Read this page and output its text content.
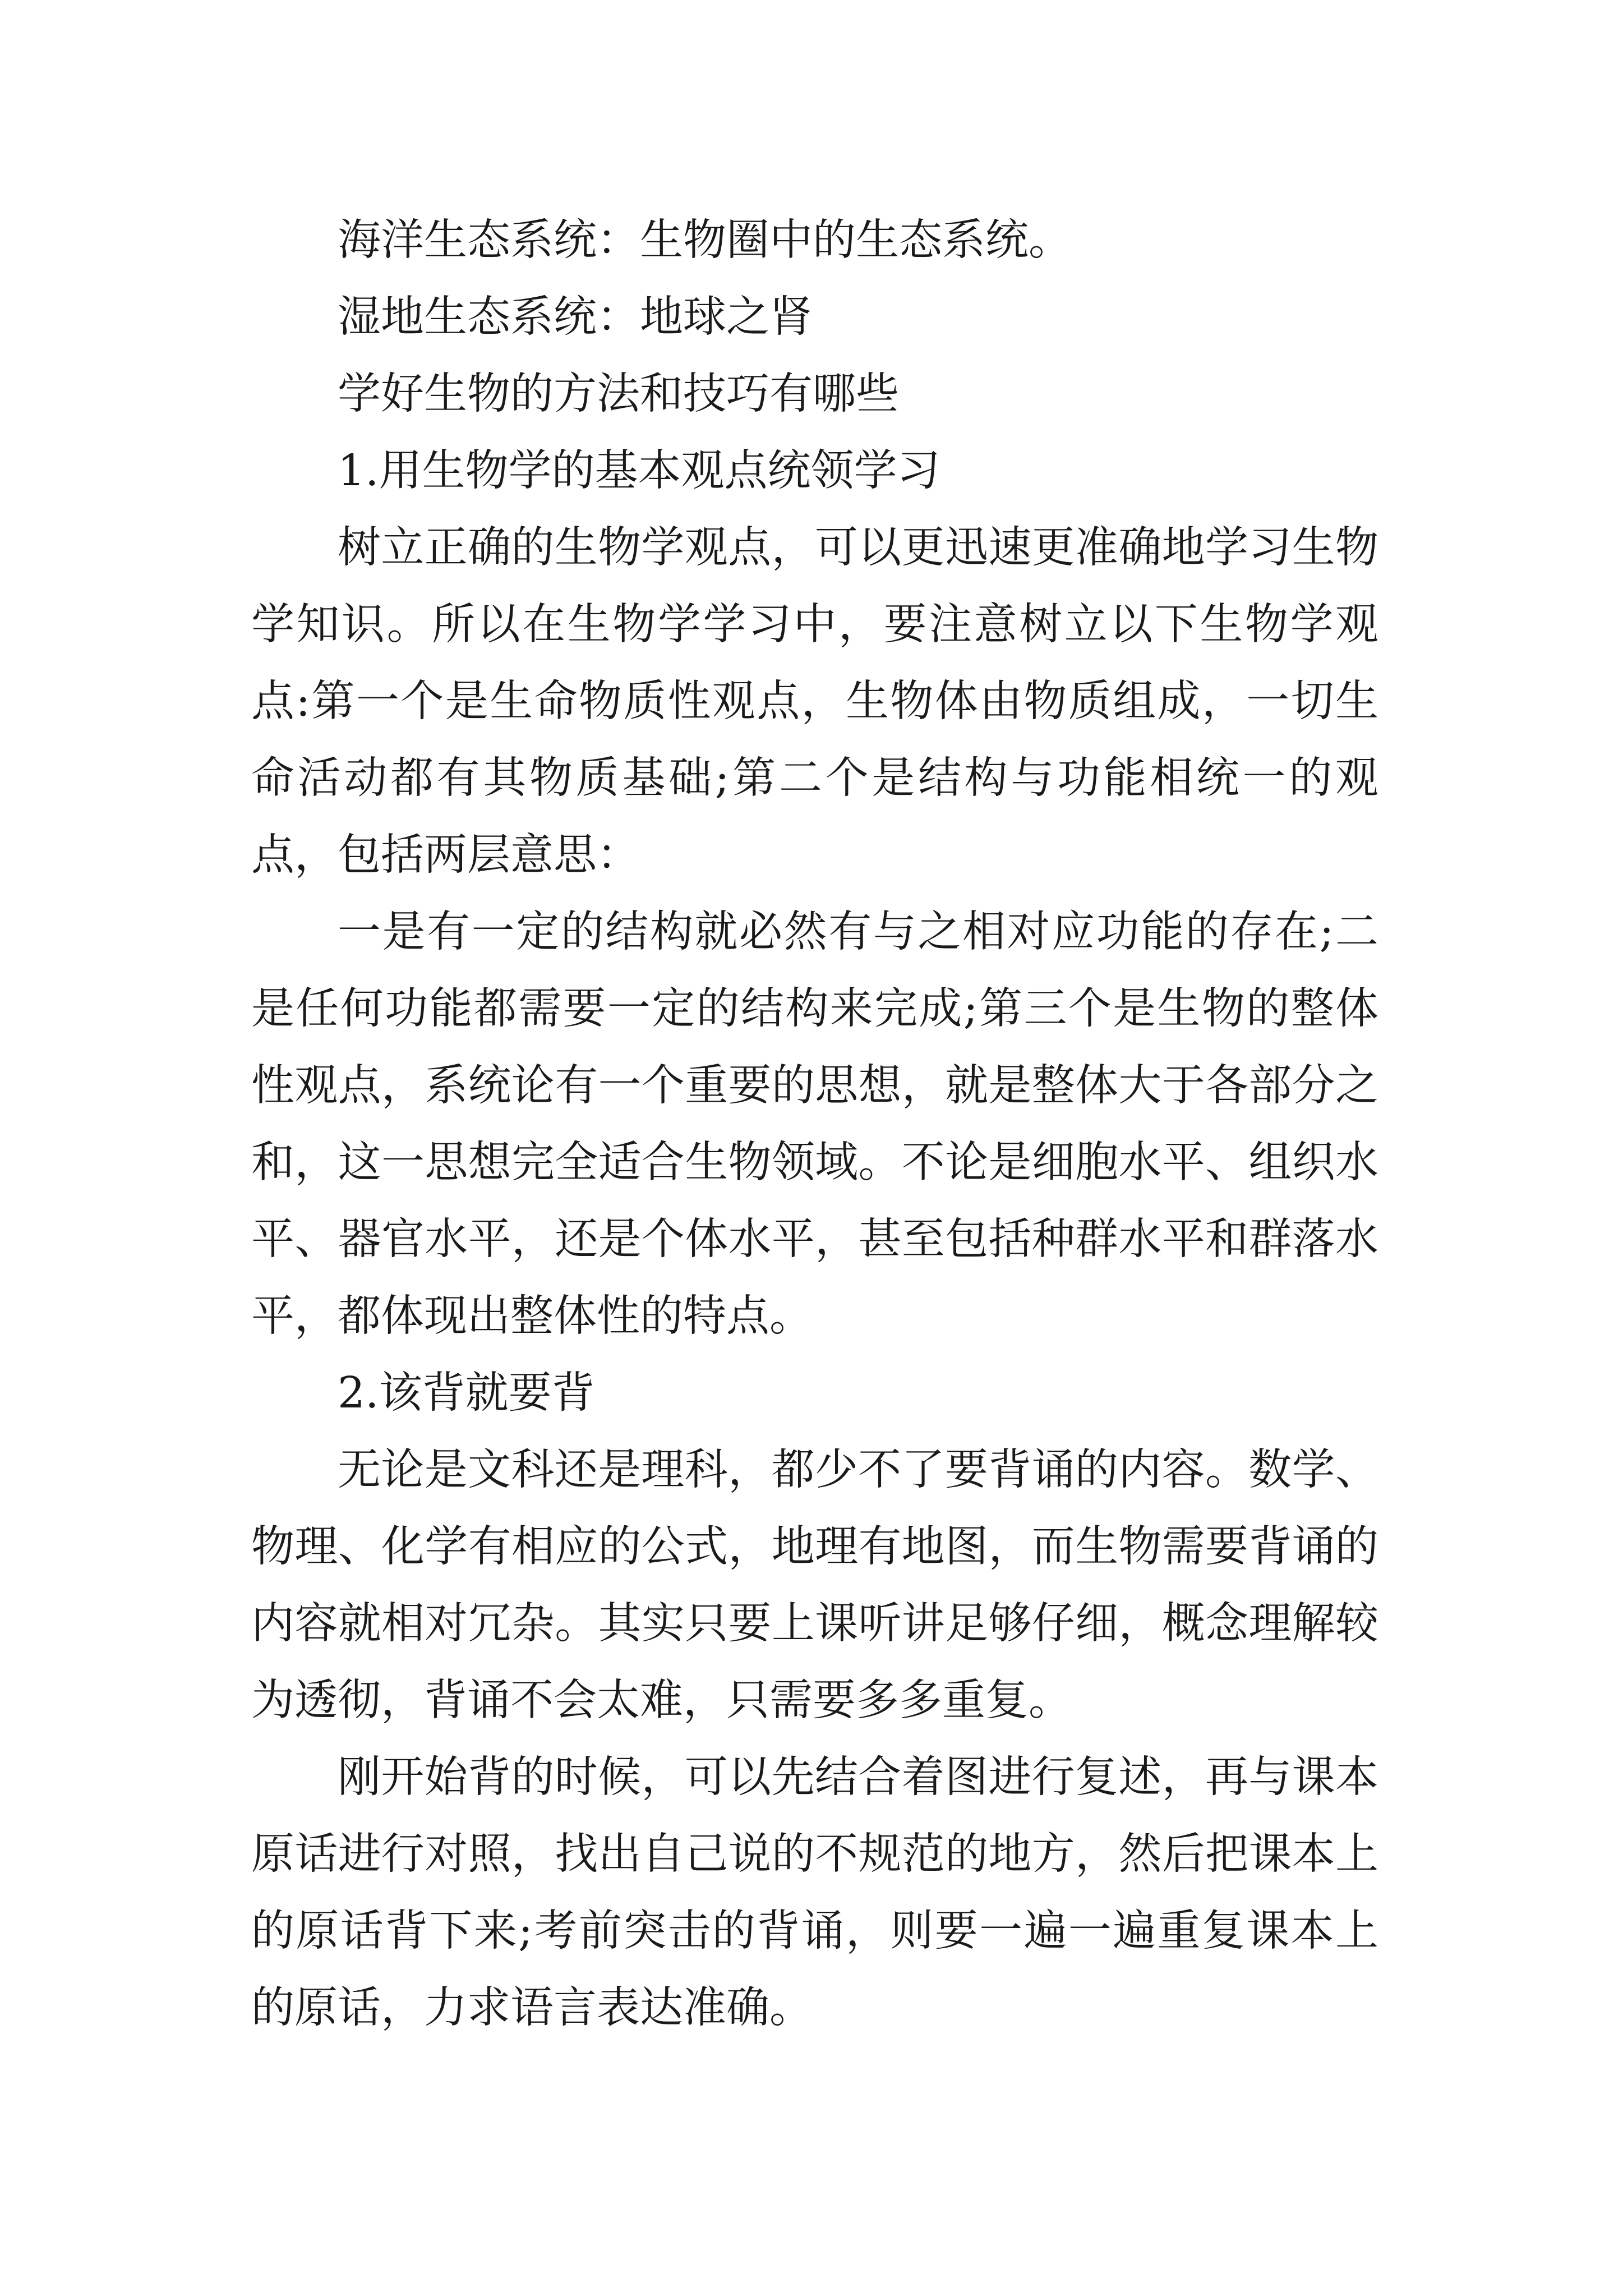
海洋生态系统：生物圈中的生态系统。

湿地生态系统：地球之肾

学好生物的方法和技巧有哪些

1.用生物学的基本观点统领学习

树立正确的生物学观点，可以更迅速更准确地学习生物学知识。所以在生物学学习中，要注意树立以下生物学观点:第一个是生命物质性观点，生物体由物质组成，一切生命活动都有其物质基础;第二个是结构与功能相统一的观点，包括两层意思：

一是有一定的结构就必然有与之相对应功能的存在;二是任何功能都需要一定的结构来完成;第三个是生物的整体性观点，系统论有一个重要的思想，就是整体大于各部分之和，这一思想完全适合生物领域。不论是细胞水平、组织水平、器官水平，还是个体水平，甚至包括种群水平和群落水平，都体现出整体性的特点。

2.该背就要背

无论是文科还是理科，都少不了要背诵的内容。数学、物理、化学有相应的公式，地理有地图，而生物需要背诵的内容就相对冗杂。其实只要上课听讲足够仔细，概念理解较为透彻，背诵不会太难，只需要多多重复。

刚开始背的时候，可以先结合着图进行复述，再与课本原话进行对照，找出自己说的不规范的地方，然后把课本上的原话背下来;考前突击的背诵，则要一遍一遍重复课本上的原话，力求语言表达准确。
